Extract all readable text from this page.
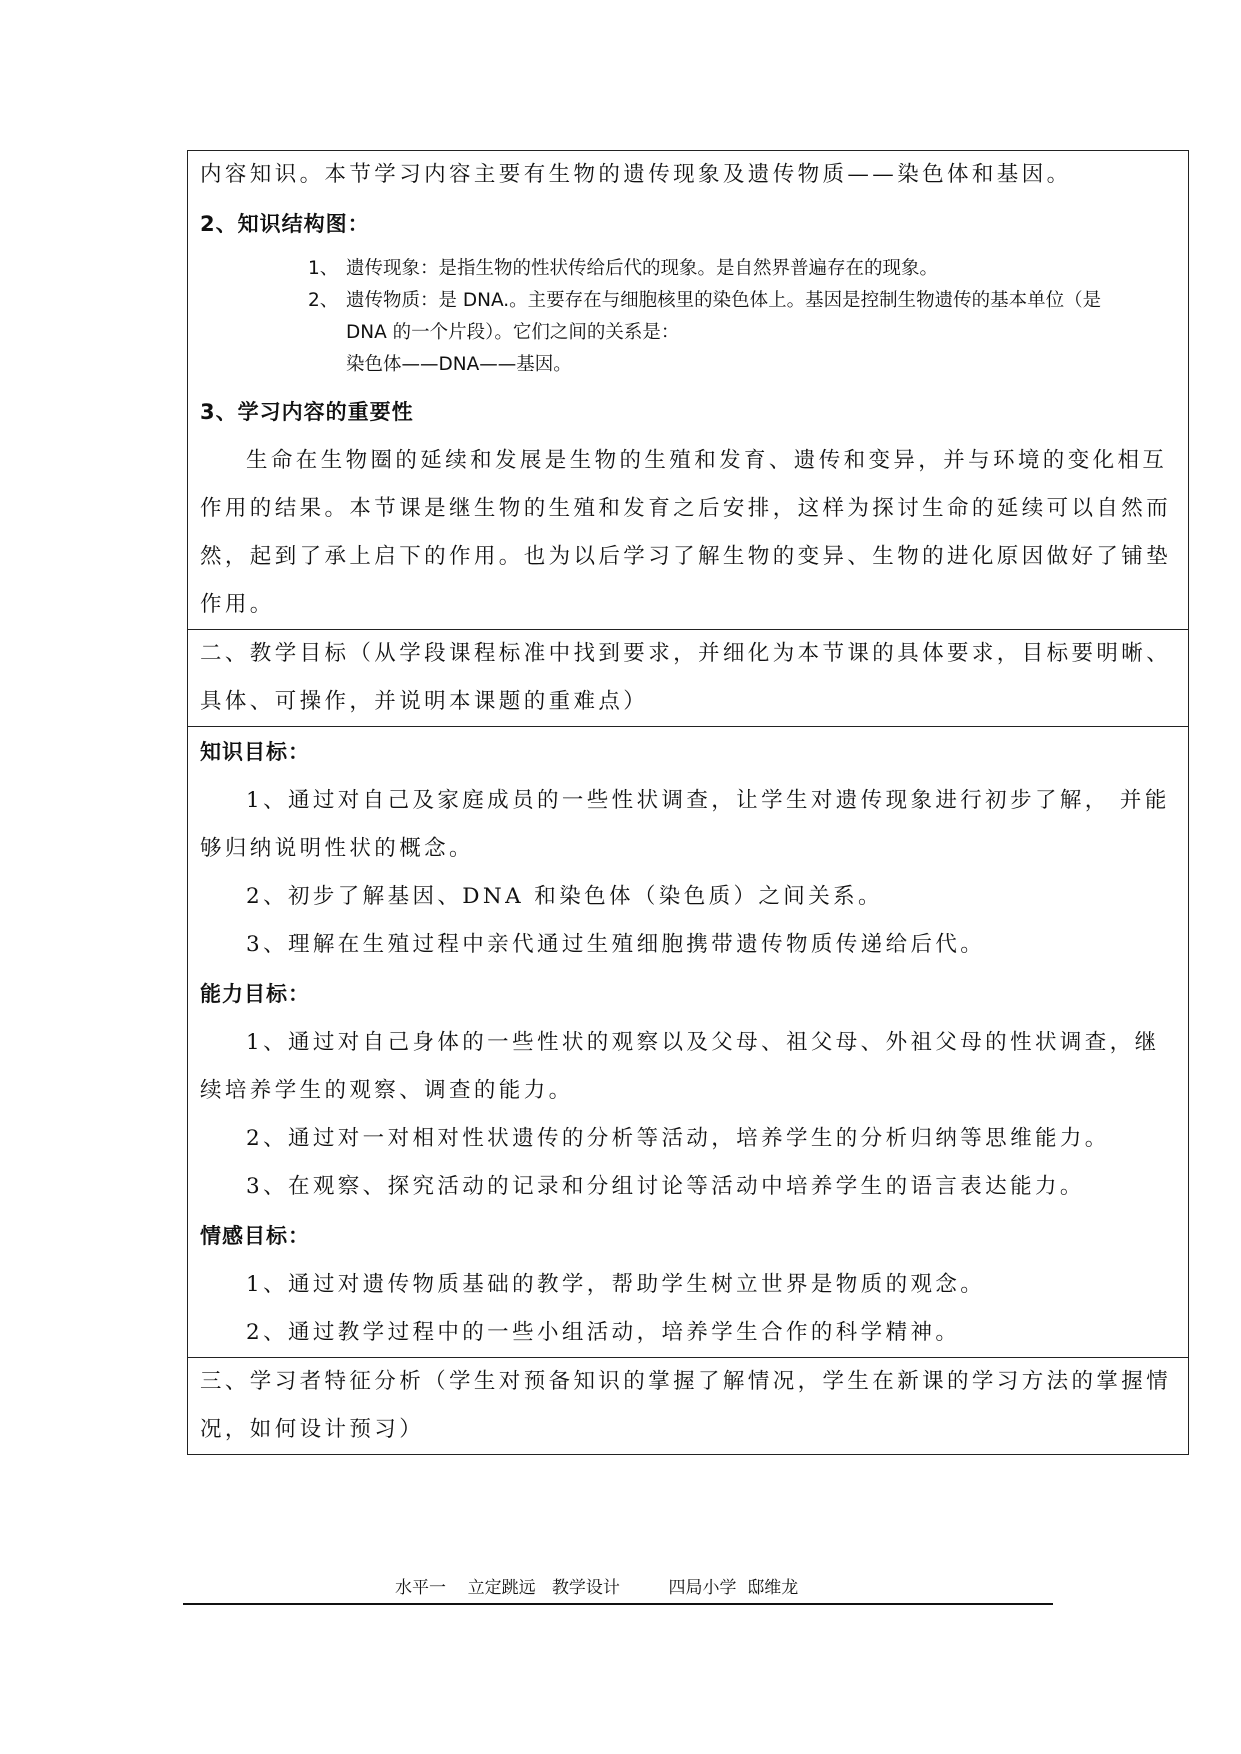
内容知识。本节学习内容主要有生物的遗传现象及遗传物质——染色体和基因。
2、知识结构图：
1、 遗传现象：是指生物的性状传给后代的现象。是自然界普遍存在的现象。
2、 遗传物质：是 DNA.。主要存在与细胞核里的染色体上。基因是控制生物遗传的基本单位（是 DNA 的一个片段）。它们之间的关系是：
染色体——DNA——基因。
3、学习内容的重要性
生命在生物圈的延续和发展是生物的生殖和发育、遗传和变异，并与环境的变化相互作用的结果。本节课是继生物的生殖和发育之后安排，这样为探讨生命的延续可以自然而然，起到了承上启下的作用。也为以后学习了解生物的变异、生物的进化原因做好了铺垫作用。
二、教学目标（从学段课程标准中找到要求，并细化为本节课的具体要求，目标要明晰、具体、可操作，并说明本课题的重难点）
知识目标：
1、通过对自己及家庭成员的一些性状调查，让学生对遗传现象进行初步了解， 并能够归纳说明性状的概念。
2、初步了解基因、DNA 和染色体（染色质）之间关系。
3、理解在生殖过程中亲代通过生殖细胞携带遗传物质传递给后代。
能力目标：
1、通过对自己身体的一些性状的观察以及父母、祖父母、外祖父母的性状调查，继续培养学生的观察、调查的能力。
2、通过对一对相对性状遗传的分析等活动，培养学生的分析归纳等思维能力。
3、在观察、探究活动的记录和分组讨论等活动中培养学生的语言表达能力。
情感目标：
1、通过对遗传物质基础的教学，帮助学生树立世界是物质的观念。
2、通过教学过程中的一些小组活动，培养学生合作的科学精神。
三、学习者特征分析（学生对预备知识的掌握了解情况，学生在新课的学习方法的掌握情况，如何设计预习）
水平一    立定跳远   教学设计         四局小学  邸维龙
